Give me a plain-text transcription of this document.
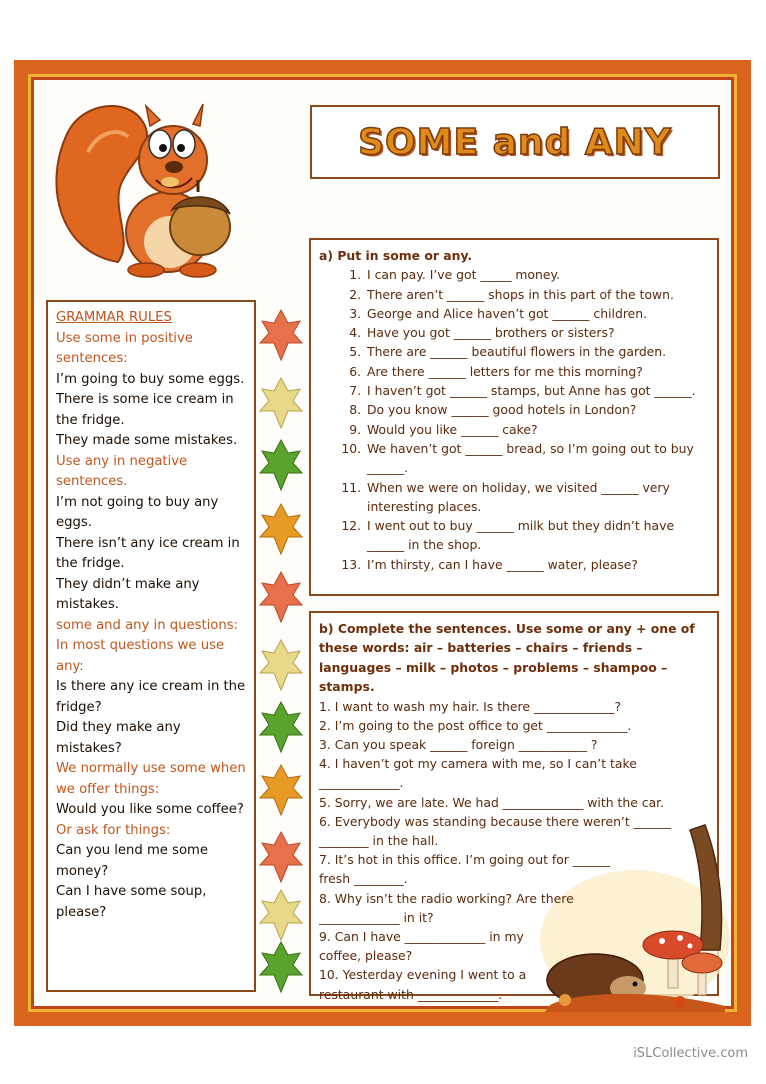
SOME and ANY

GRAMMAR RULES

Use some in positive sentences:

I’m going to buy some eggs.

There is some ice cream in the fridge.

They made some mistakes.

Use any in negative sentences.

I’m not going to buy any eggs.

There isn’t any ice cream in the fridge.

They didn’t make any mistakes.

some and any in questions:

In most questions we use any:

Is there any ice cream in the fridge?

Did they make any mistakes?

We normally use some when we offer things:

Would you like some coffee?

Or ask for things:

Can you lend me some money?

Can I have some soup, please?

a) Put in some or any.
1. I can pay. I’ve got _____ money.
2. There aren’t ______ shops in this part of the town.
3. George and Alice haven’t got ______ children.
4. Have you got ______ brothers or sisters?
5. There are ______ beautiful flowers in the garden.
6. Are there ______ letters for me this morning?
7. I haven’t got ______ stamps, but Anne has got ______.
8. Do you know ______ good hotels in London?
9. Would you like ______ cake?
10. We haven’t got ______ bread, so I’m going out to buy ______.
11. When we were on holiday, we visited ______ very interesting places.
12. I went out to buy ______ milk but they didn’t have ______ in the shop.
13. I’m thirsty, can I have ______ water, please?
b) Complete the sentences. Use some or any + one of these words: air – batteries – chairs – friends – languages – milk – photos – problems – shampoo – stamps.

1. I want to wash my hair. Is there _____________?

2. I’m going to the post office to get _____________.

3. Can you speak ______ foreign ___________ ?

4. I haven’t got my camera with me, so I can’t take _____________.

5. Sorry, we are late. We had _____________ with the car.

6. Everybody was standing because there weren’t ______ ________ in the hall.

7. It’s hot in this office. I’m going out for ______ fresh ________.

8. Why isn’t the radio working? Are there _____________ in it?

9. Can I have _____________ in my coffee, please?

10. Yesterday evening I went to a restaurant with _____________.

iSLCollective.com
